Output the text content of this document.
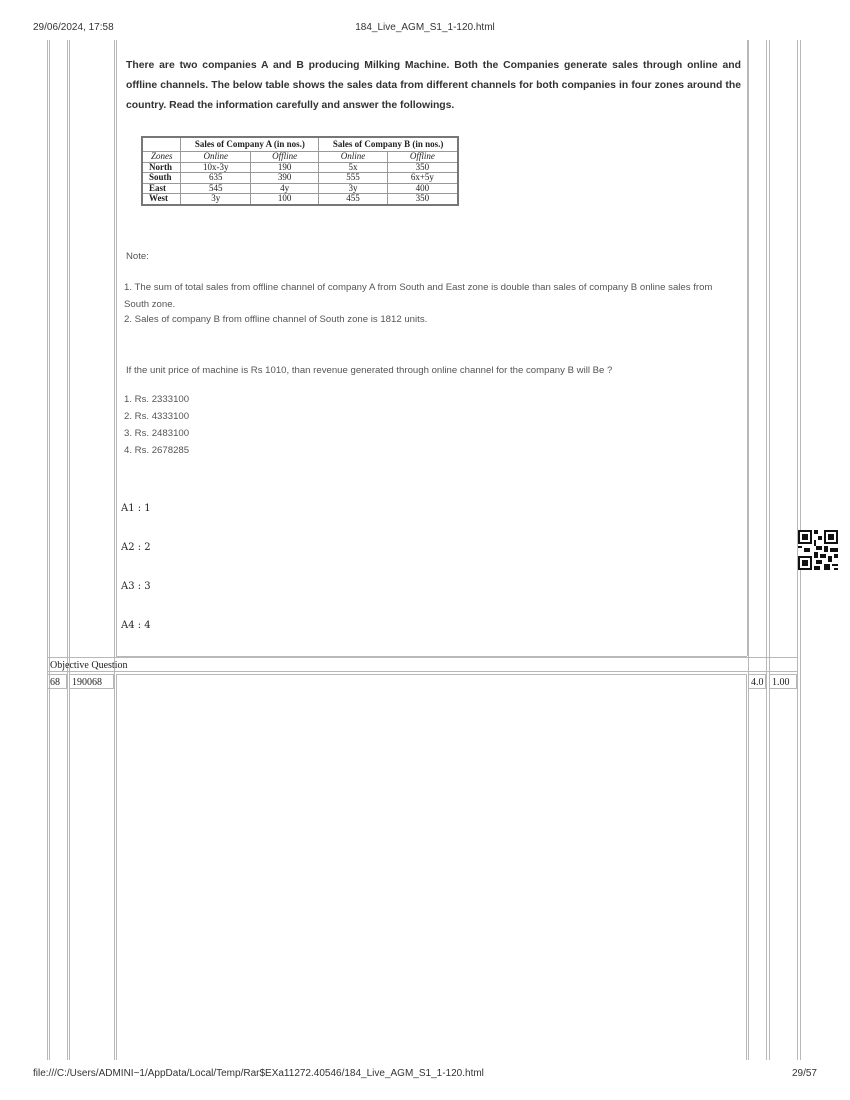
29/06/2024, 17:58	184_Live_AGM_S1_1-120.html
There are two companies A and B producing Milking Machine. Both the Companies generate sales through online and offline channels. The below table shows the sales data from different channels for both companies in four zones around the country. Read the information carefully and answer the followings.
	Sales of Company A (in nos.)		Sales of Company B (in nos.)	
Zones	Online	Offline	Online	Offline
North	10x-3y	190	5x	350
South	635	390	555	6x+5y
East	545	4y	3y	400
West	3y	100	455	350
Note:
1. The sum of total sales from offline channel of company A from South and East zone is double than sales of company B online sales from South zone.
2. Sales of company B from offline channel of South zone is 1812 units.
If the unit price of machine is Rs 1010, than revenue generated through online channel for the company B will Be ?
1. Rs. 2333100
2. Rs. 4333100
3. Rs. 2483100
4. Rs. 2678285
A1 : 1
A2 : 2
A3 : 3
A4 : 4
Objective Question
68	190068	4.0 1.00
file:///C:/Users/ADMINI~1/AppData/Local/Temp/Rar$EXa11272.40546/184_Live_AGM_S1_1-120.html	29/57
